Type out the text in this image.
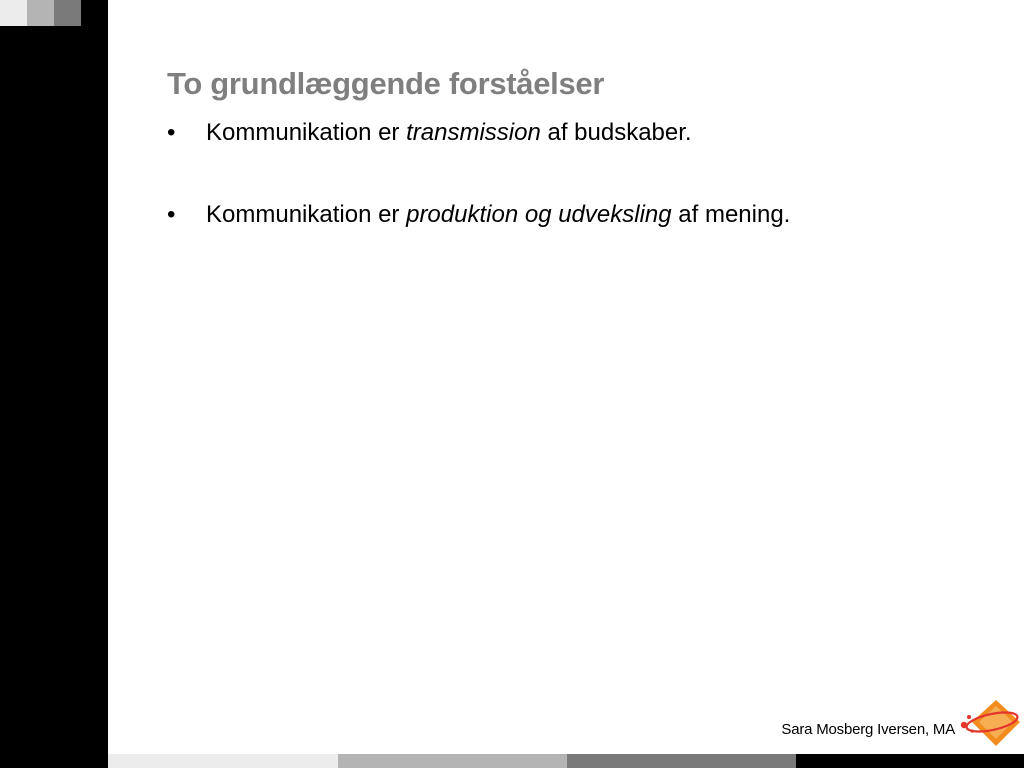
To grundlæggende forståelser
• Kommunikation er transmission af budskaber.
• Kommunikation er produktion og udveksling af mening.
Sara Mosberg Iversen, MA
